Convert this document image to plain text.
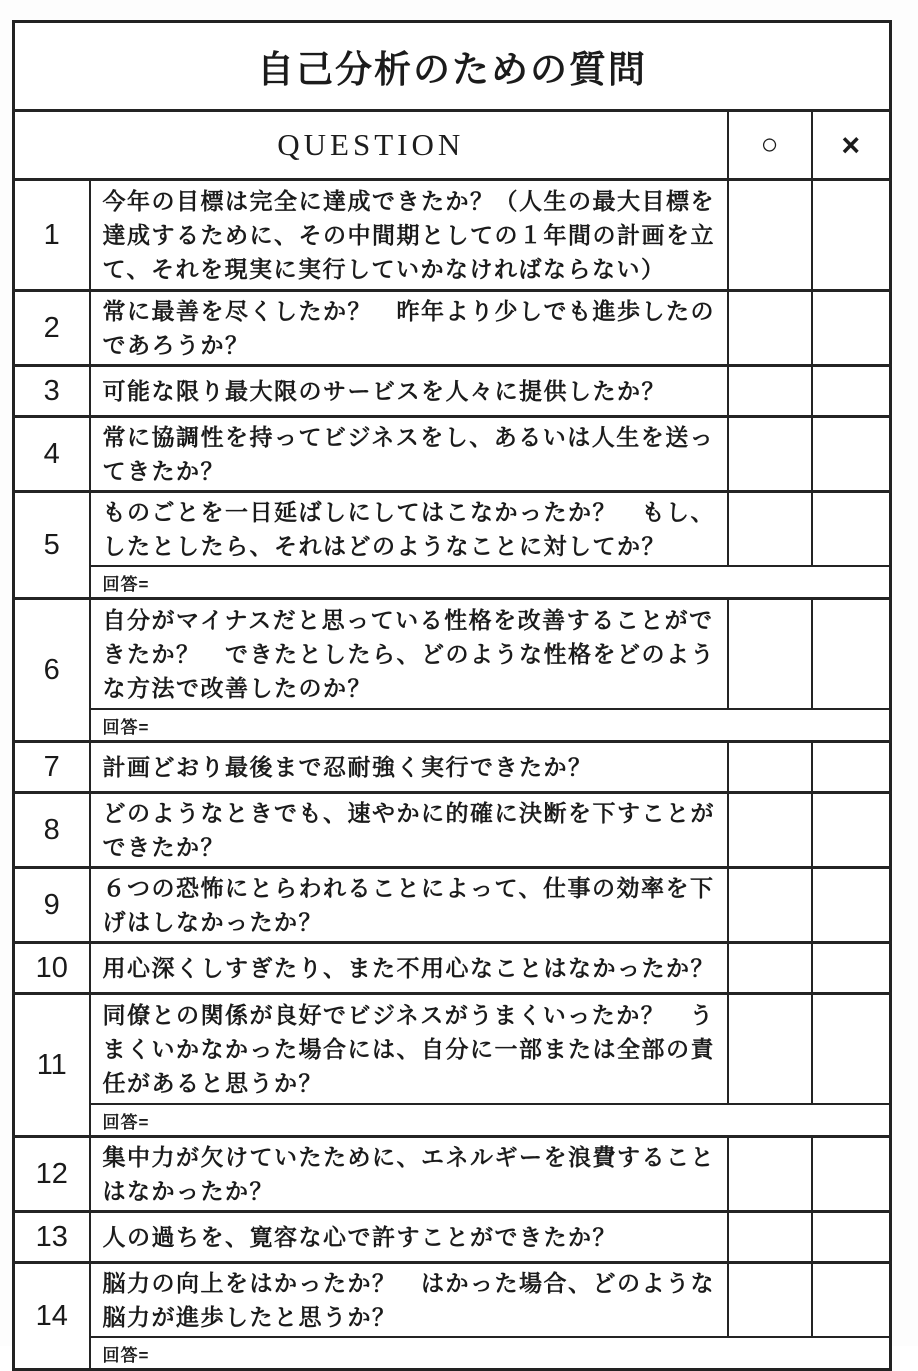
自己分析のための質問			
QUESTION		○	×
1	今年の目標は完全に達成できたか？（人生の最大目標を達成するために、その中間期としての１年間の計画を立て、それを現実に実行していかなければならない）		
2	常に最善を尽くしたか？　昨年より少しでも進歩したのであろうか？		
3	可能な限り最大限のサービスを人々に提供したか？		
4	常に協調性を持ってビジネスをし、あるいは人生を送ってきたか？		
5	ものごとを一日延ばしにしてはこなかったか？　もし、したとしたら、それはどのようなことに対してか？		
	回答=		
6	自分がマイナスだと思っている性格を改善することができたか？　できたとしたら、どのような性格をどのような方法で改善したのか？		
	回答=		
7	計画どおり最後まで忍耐強く実行できたか？		
8	どのようなときでも、速やかに的確に決断を下すことができたか？		
9	６つの恐怖にとらわれることによって、仕事の効率を下げはしなかったか？		
10	用心深くしすぎたり、また不用心なことはなかったか？		
11	同僚との関係が良好でビジネスがうまくいったか？　うまくいかなかった場合には、自分に一部または全部の責任があると思うか？		
	回答=		
12	集中力が欠けていたために、エネルギーを浪費することはなかったか？		
13	人の過ちを、寛容な心で許すことができたか？		
14	脳力の向上をはかったか？　はかった場合、どのような脳力が進歩したと思うか？		
	回答=		
